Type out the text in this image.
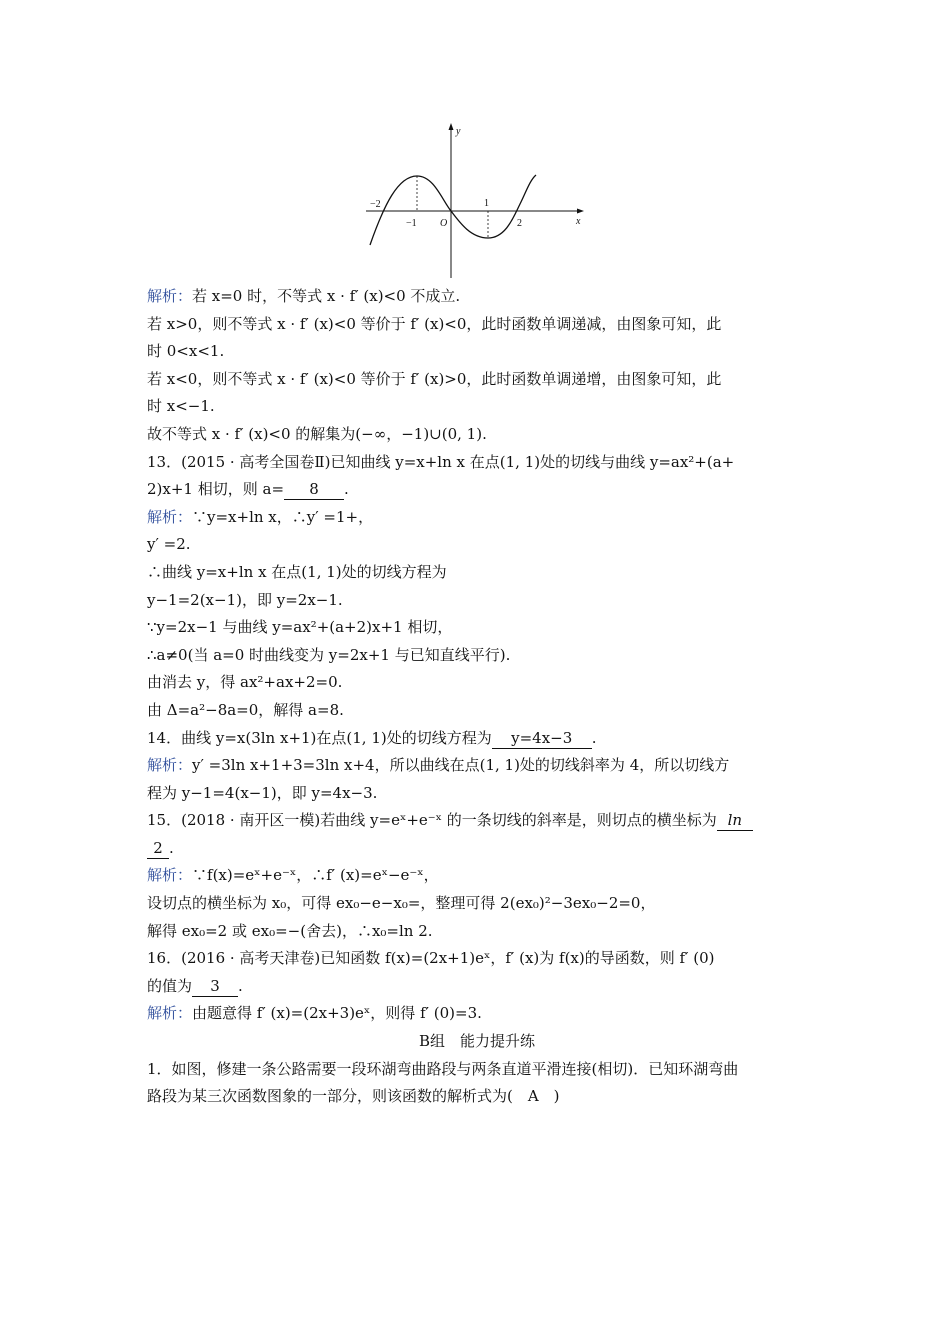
−2
−1 O
1
2	x
y
解析：若 x=0 时，不等式 x · f′ (x)<0 不成立.
若 x>0，则不等式 x · f′ (x)<0 等价于 f′ (x)<0，此时函数单调递减，由图象可知，此
时 0<x<1.
若 x<0，则不等式 x · f′ (x)<0 等价于 f′ (x)>0，此时函数单调递增，由图象可知，此
时 x<−1.
故不等式 x · f′ (x)<0 的解集为(−∞，−1)∪(0, 1).
13．(2015 · 高考全国卷Ⅱ)已知曲线 y=x+ln x 在点(1, 1)处的切线与曲线 y=ax²+(a+
2)x+1 相切，则 a= 8 .
解析：∵y=x+ln x，∴y′ =1+，
y′ =2.
∴曲线 y=x+ln x 在点(1, 1)处的切线方程为
y−1=2(x−1)，即 y=2x−1.
∵y=2x−1 与曲线 y=ax²+(a+2)x+1 相切，
∴a≠0(当 a=0 时曲线变为 y=2x+1 与已知直线平行).
由消去 y，得 ax²+ax+2=0.
由 Δ=a²−8a=0，解得 a=8.
14．曲线 y=x(3ln x+1)在点(1, 1)处的切线方程为 y=4x−3 .
解析：y′ =3ln x+1+3=3ln x+4，所以曲线在点(1, 1)处的切线斜率为 4，所以切线方
程为 y−1=4(x−1)，即 y=4x−3.
15．(2018 · 南开区一模)若曲线 y=eˣ+e⁻ˣ 的一条切线的斜率是，则切点的横坐标为 ln
2 .
解析：∵f(x)=eˣ+e⁻ˣ，∴f′ (x)=eˣ−e⁻ˣ，
设切点的横坐标为 x₀，可得 ex₀−e−x₀=，整理可得 2(ex₀)²−3ex₀−2=0，
解得 ex₀=2 或 ex₀=−(舍去)，∴x₀=ln 2.
16．(2016 · 高考天津卷)已知函数 f(x)=(2x+1)eˣ，f′ (x)为 f(x)的导函数，则 f′ (0)
的值为 3 .
解析：由题意得 f′ (x)=(2x+3)eˣ，则得 f′ (0)=3.
B组　能力提升练
1．如图，修建一条公路需要一段环湖弯曲路段与两条直道平滑连接(相切)．已知环湖弯曲
路段为某三次函数图象的一部分，则该函数的解析式为(　A　)
